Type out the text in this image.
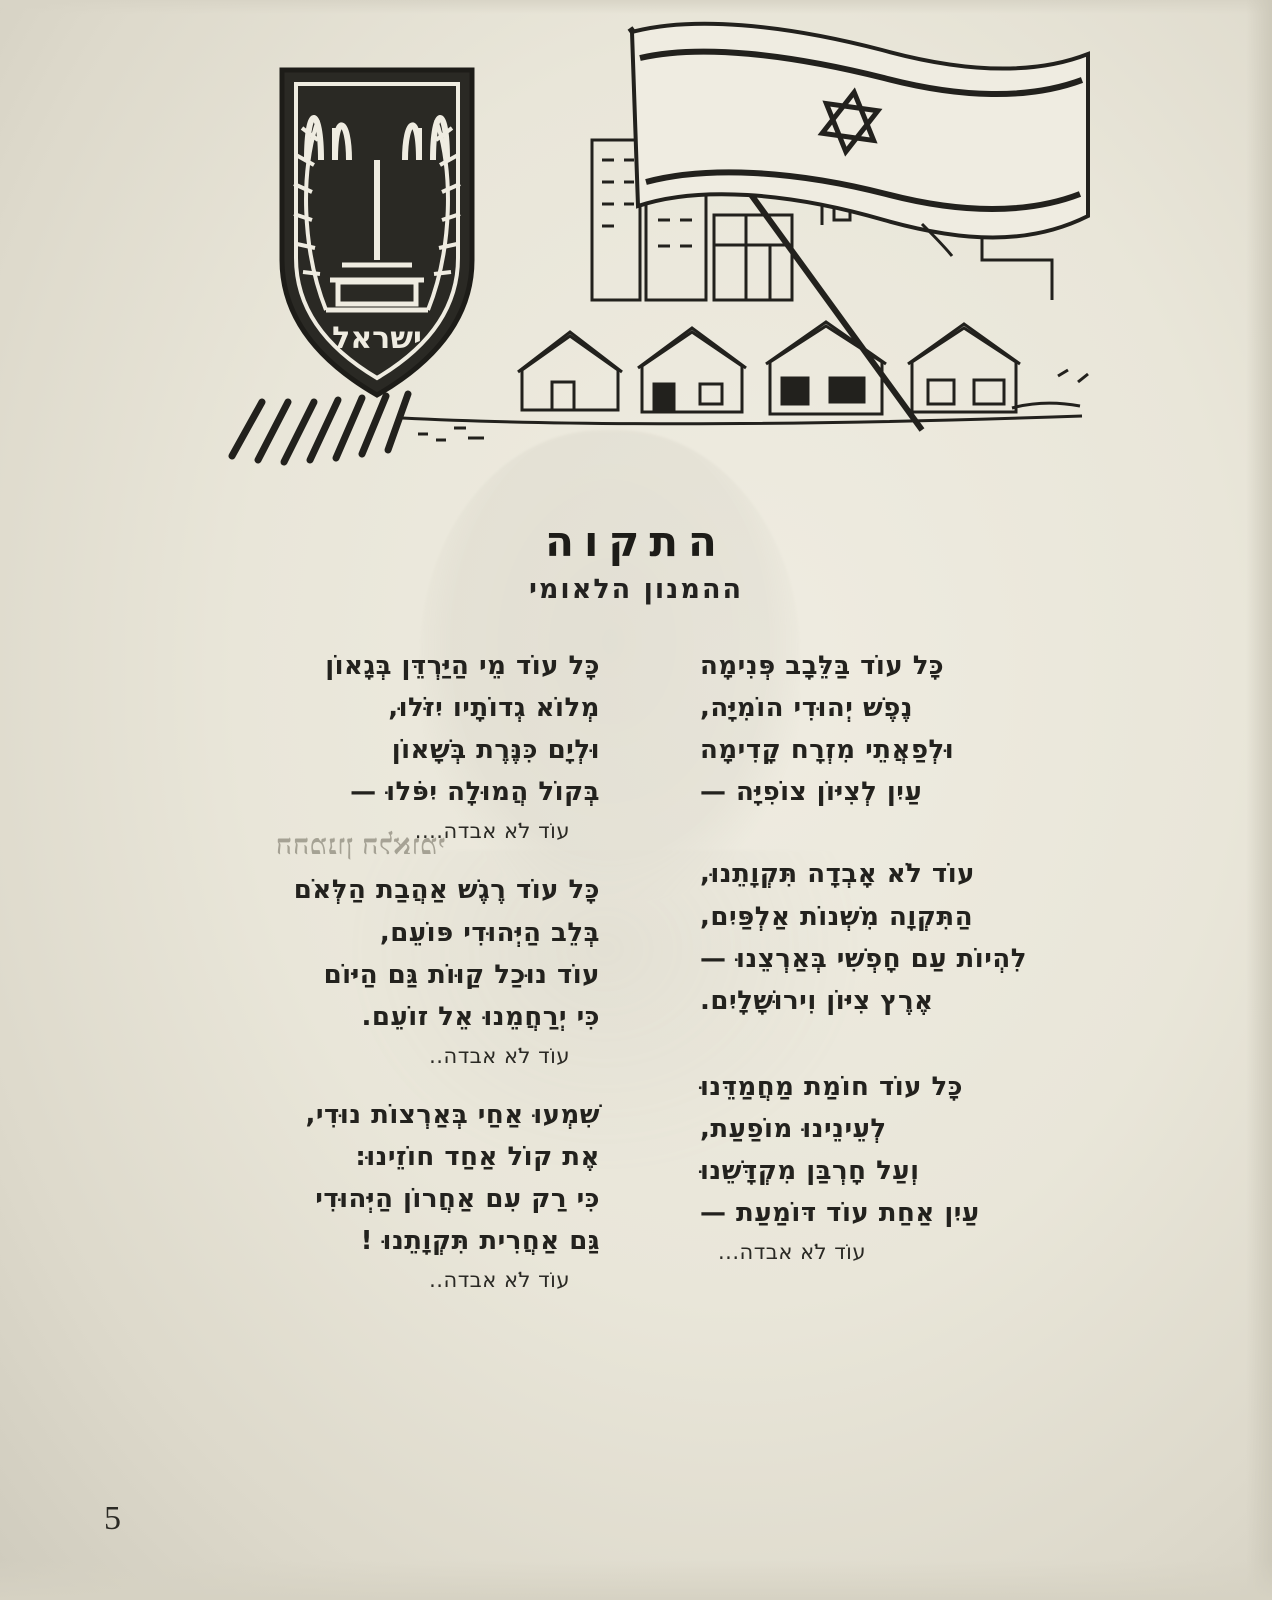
ההמנון הלאומי
ישראל
התקוה
ההמנון הלאומי
כָּל עוֹד בַּלֵּבָב פְּנִימָה
נֶפֶשׁ יְהוּדִי הוֹמִיָּה,
וּלְפַאֲתֵי מִזְרָח קָדִימָה
עַיִן לְצִיּוֹן צוֹפִיָּה —
עוֹד לֹא אָבְדָה תִּקְוָתֵנוּ,
הַתִּקְוָה מִשְׁנוֹת אַלְפַּיִם,
לִהְיוֹת עַם חָפְשִׁי בְּאַרְצֵנוּ —
אֶרֶץ צִיּוֹן וִירוּשָׁלָיִם.
כָּל עוֹד חוֹמַת מַחֲמַדֵּנוּ
לְעֵינֵינוּ מוֹפַעַת,
וְעַל חָרְבַּן מִקְדָּשֵׁנוּ
עַיִן אַחַת עוֹד דּוֹמַעַת —
עוֹד לֹא אבדה...
כָּל עוֹד מֵי הַיַּרְדֵּן בְּגָאוֹן
מְלוֹא גְדוֹתָיו יִזֹּלוּ,
וּלְיָם כִּנֶּרֶת בְּשָׁאוֹן
בְּקוֹל הֲמוּלָה יִפֹּלוּ —
עוֹד לֹא אבדה....
כָּל עוֹד רֶגֶשׁ אַהֲבַת הַלְּאֹם
בְּלֵב הַיְּהוּדִי פּוֹעֵם,
עוֹד נוּכַל קַוּוֹת גַּם הַיּוֹם
כִּי יְרַחֲמֵנוּ אֵל זוֹעֵם.
עוֹד לֹא אבדה..
שִׁמְעוּ אַחַי בְּאַרְצוֹת נוּדִי,
אֶת קוֹל אַחַד חוֹזֵינוּ:
כִּי רַק עִם אַחֲרוֹן הַיְּהוּדִי
גַּם אַחֲרִית תִּקְוָתֵנוּ !
עוֹד לֹא אבדה..
5
